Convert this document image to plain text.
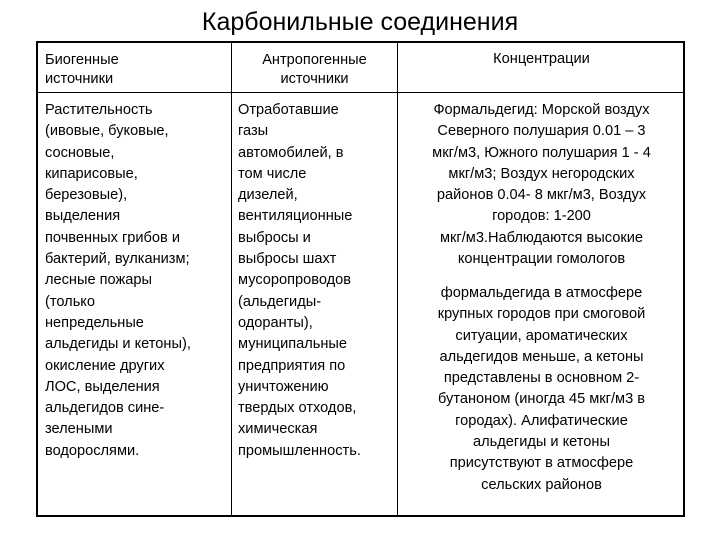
Карбонильные соединения
Биогенные
источники
Антропогенные
источники
Концентрации
Растительность
(ивовые, буковые,
сосновые,
кипарисовые,
березовые),
выделения
почвенных грибов и
бактерий, вулканизм;
лесные пожары
(только
непредельные
альдегиды и кетоны),
окисление других
ЛОС, выделения
альдегидов сине-
зелеными
водорослями.
Отработавшие
газы
автомобилей, в
том числе
дизелей,
вентиляционные
выбросы и
выбросы шахт
мусоропроводов
(альдегиды-
одоранты),
муниципальные
предприятия по
уничтожению
твердых отходов,
химическая
промышленность.
Формальдегид: Морской воздух
Северного полушария 0.01 – 3
мкг/м3, Южного полушария 1 - 4
мкг/м3; Воздух негородских
районов 0.04- 8 мкг/м3, Воздух
городов: 1-200
мкг/м3.Наблюдаются высокие
концентрации гомологов
формальдегида в атмосфере
крупных городов при смоговой
ситуации, ароматических
альдегидов меньше, а кетоны
представлены в основном 2-
бутаноном (иногда 45 мкг/м3 в
городах). Алифатические
альдегиды и кетоны
присутствуют в атмосфере
сельских районов
